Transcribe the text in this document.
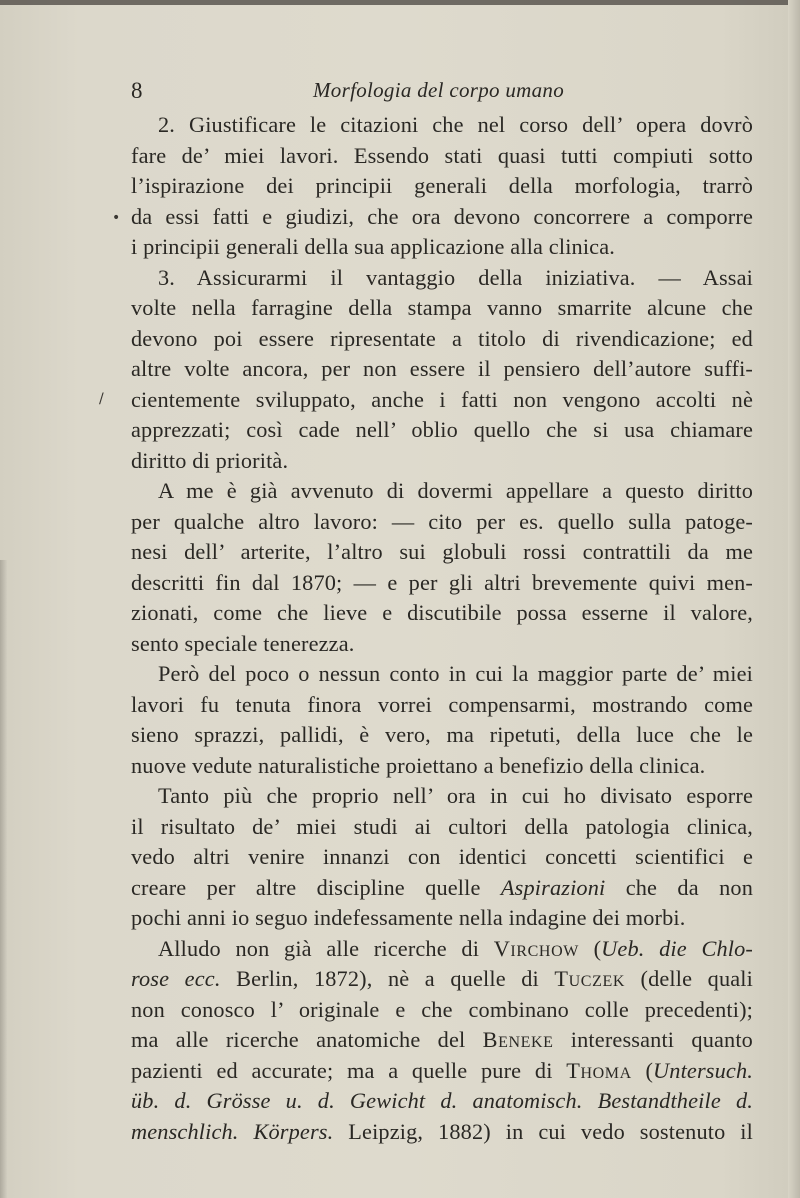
8	Morfologia del corpo umano
2. Giustificare le citazioni che nel corso dell’ opera dovrò
fare de’ miei lavori. Essendo stati quasi tutti compiuti sotto
l’ispirazione dei principii generali della morfologia, trarrò
da essi fatti e giudizi, che ora devono concorrere a comporre
i principii generali della sua applicazione alla clinica.
3. Assicurarmi il vantaggio della iniziativa. — Assai
volte nella farragine della stampa vanno smarrite alcune che
devono poi essere ripresentate a titolo di rivendicazione; ed
altre volte ancora, per non essere il pensiero dell’autore suffi-
cientemente sviluppato, anche i fatti non vengono accolti nè
apprezzati; così cade nell’ oblio quello che si usa chiamare
diritto di priorità.
A me è già avvenuto di dovermi appellare a questo diritto
per qualche altro lavoro: — cito per es. quello sulla patoge-
nesi dell’ arterite, l’altro sui globuli rossi contrattili da me
descritti fin dal 1870; — e per gli altri brevemente quivi men-
zionati, come che lieve e discutibile possa esserne il valore,
sento speciale tenerezza.
Però del poco o nessun conto in cui la maggior parte de’ miei
lavori fu tenuta finora vorrei compensarmi, mostrando come
sieno sprazzi, pallidi, è vero, ma ripetuti, della luce che le
nuove vedute naturalistiche proiettano a benefizio della clinica.
Tanto più che proprio nell’ ora in cui ho divisato esporre
il risultato de’ miei studi ai cultori della patologia clinica,
vedo altri venire innanzi con identici concetti scientifici e
creare per altre discipline quelle Aspirazioni che da non
pochi anni io seguo indefessamente nella indagine dei morbi.
Alludo non già alle ricerche di Virchow (Ueb. die Chlo-
rose ecc. Berlin, 1872), nè a quelle di Tuczek (delle quali
non conosco l’ originale e che combinano colle precedenti);
ma alle ricerche anatomiche del Beneke interessanti quanto
pazienti ed accurate; ma a quelle pure di Thoma (Untersuch.
üb. d. Grösse u. d. Gewicht d. anatomisch. Bestandtheile d.
menschlich. Körpers. Leipzig, 1882) in cui vedo sostenuto il
•
/
